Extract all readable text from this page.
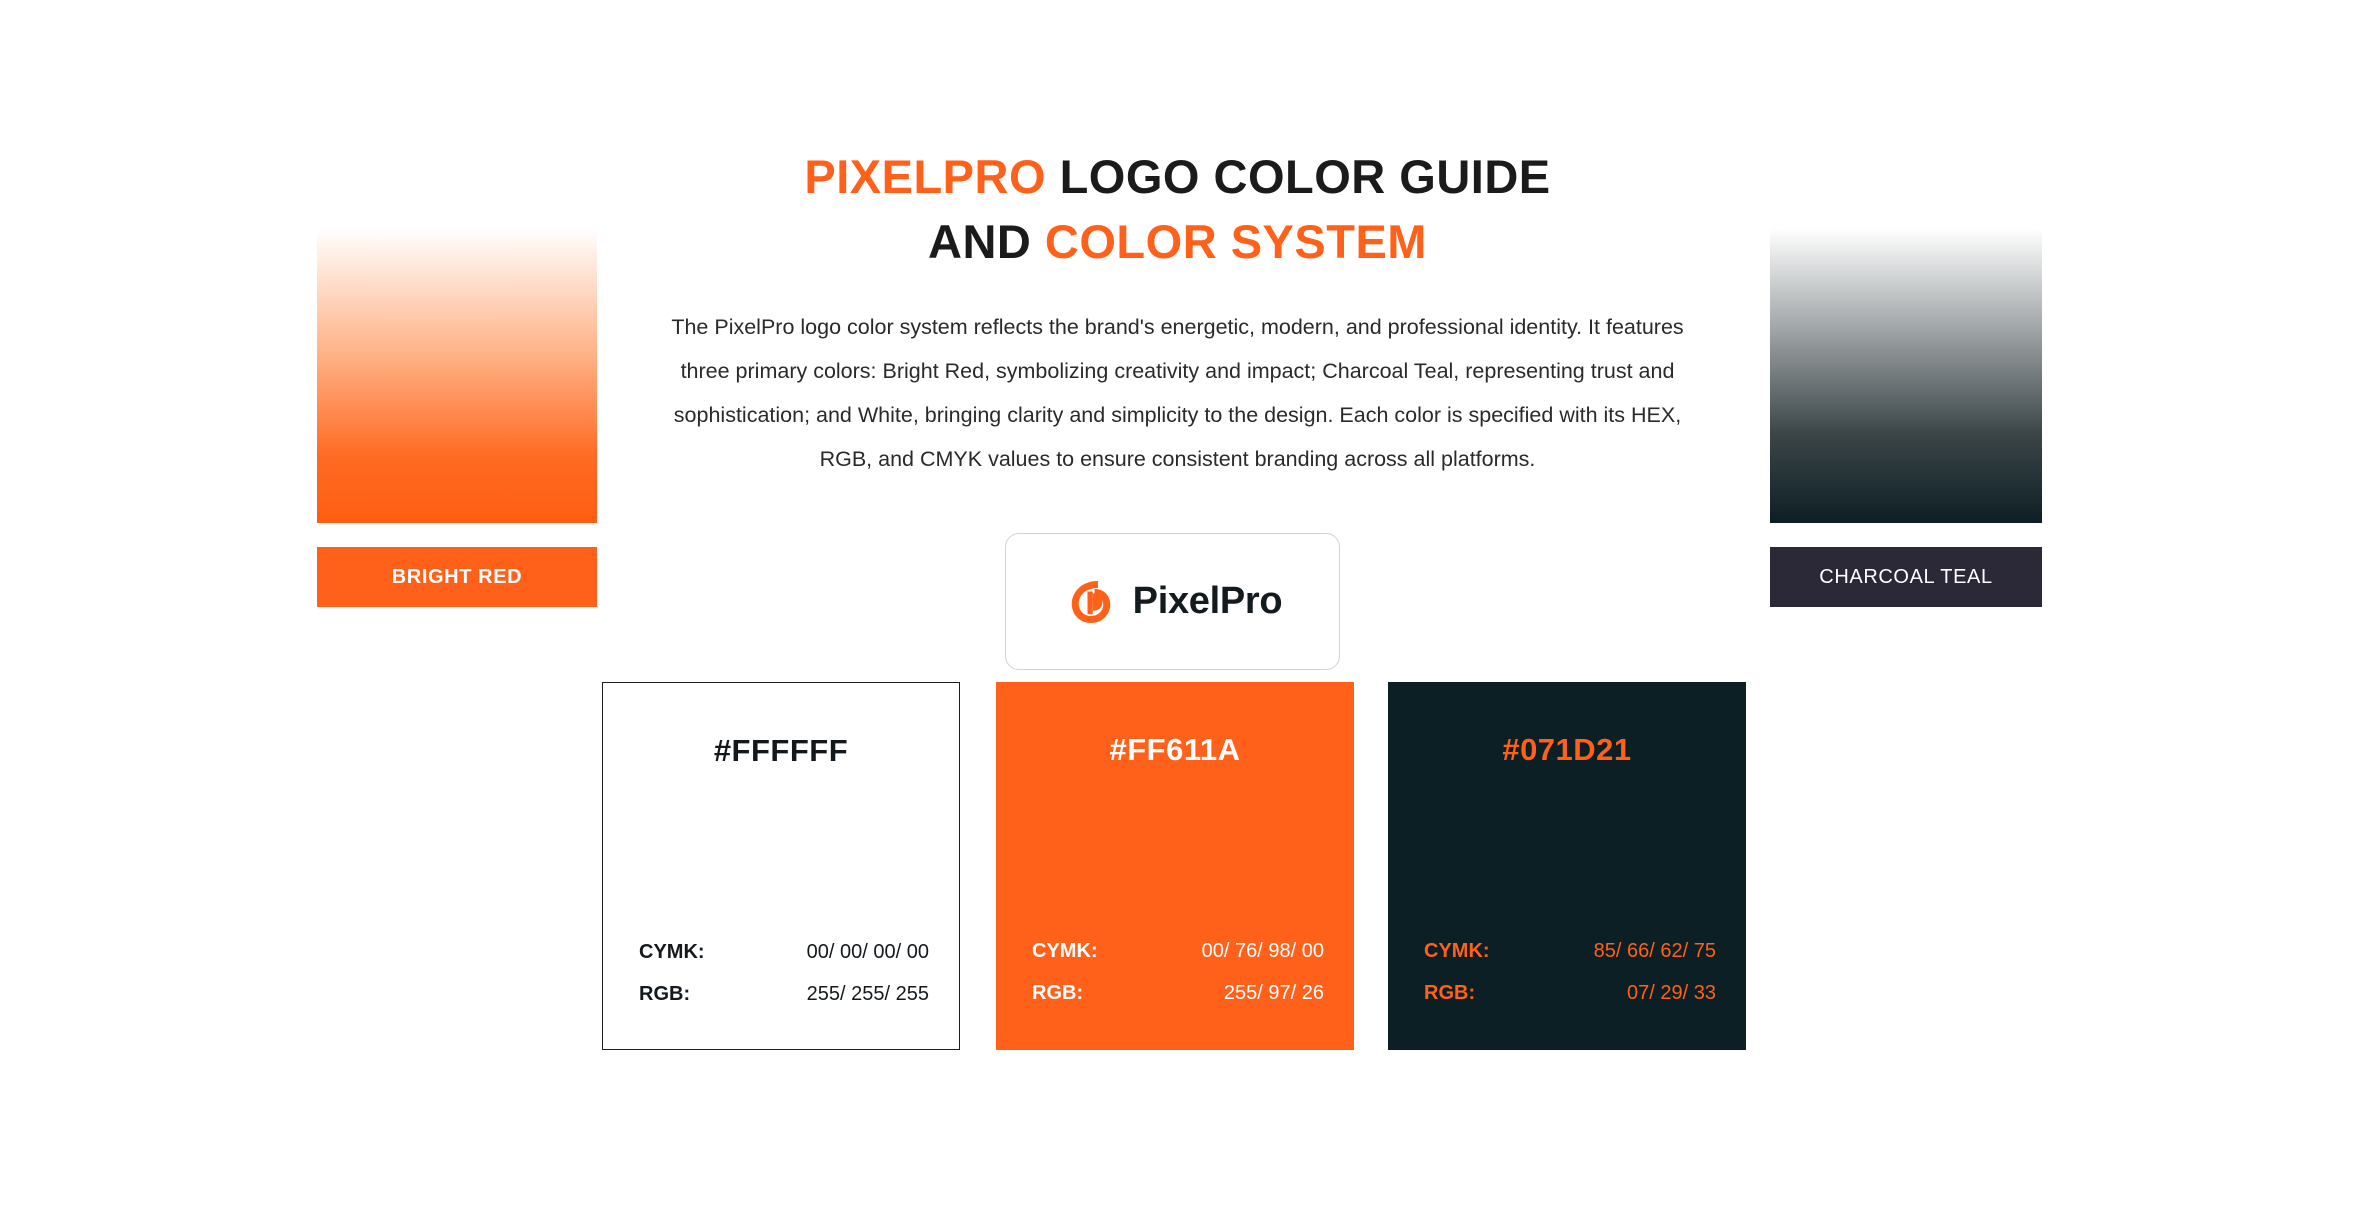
PIXELPRO LOGO COLOR GUIDE
AND COLOR SYSTEM

The PixelPro logo color system reflects the brand's energetic, modern, and professional identity. It features three primary colors: Bright Red, symbolizing creativity and impact; Charcoal Teal, representing trust and sophistication; and White, bringing clarity and simplicity to the design. Each color is specified with its HEX, RGB, and CMYK values to ensure consistent branding across all platforms.

BRIGHT RED	CHARCOAL TEAL
PixelPro
#FFFFFF
CYMK:	00/ 00/ 00/ 00
RGB:	255/ 255/ 255
#FF611A
CYMK:	00/ 76/ 98/ 00
RGB:	255/ 97/ 26
#071D21
CYMK:	85/ 66/ 62/ 75
RGB:	07/ 29/ 33
